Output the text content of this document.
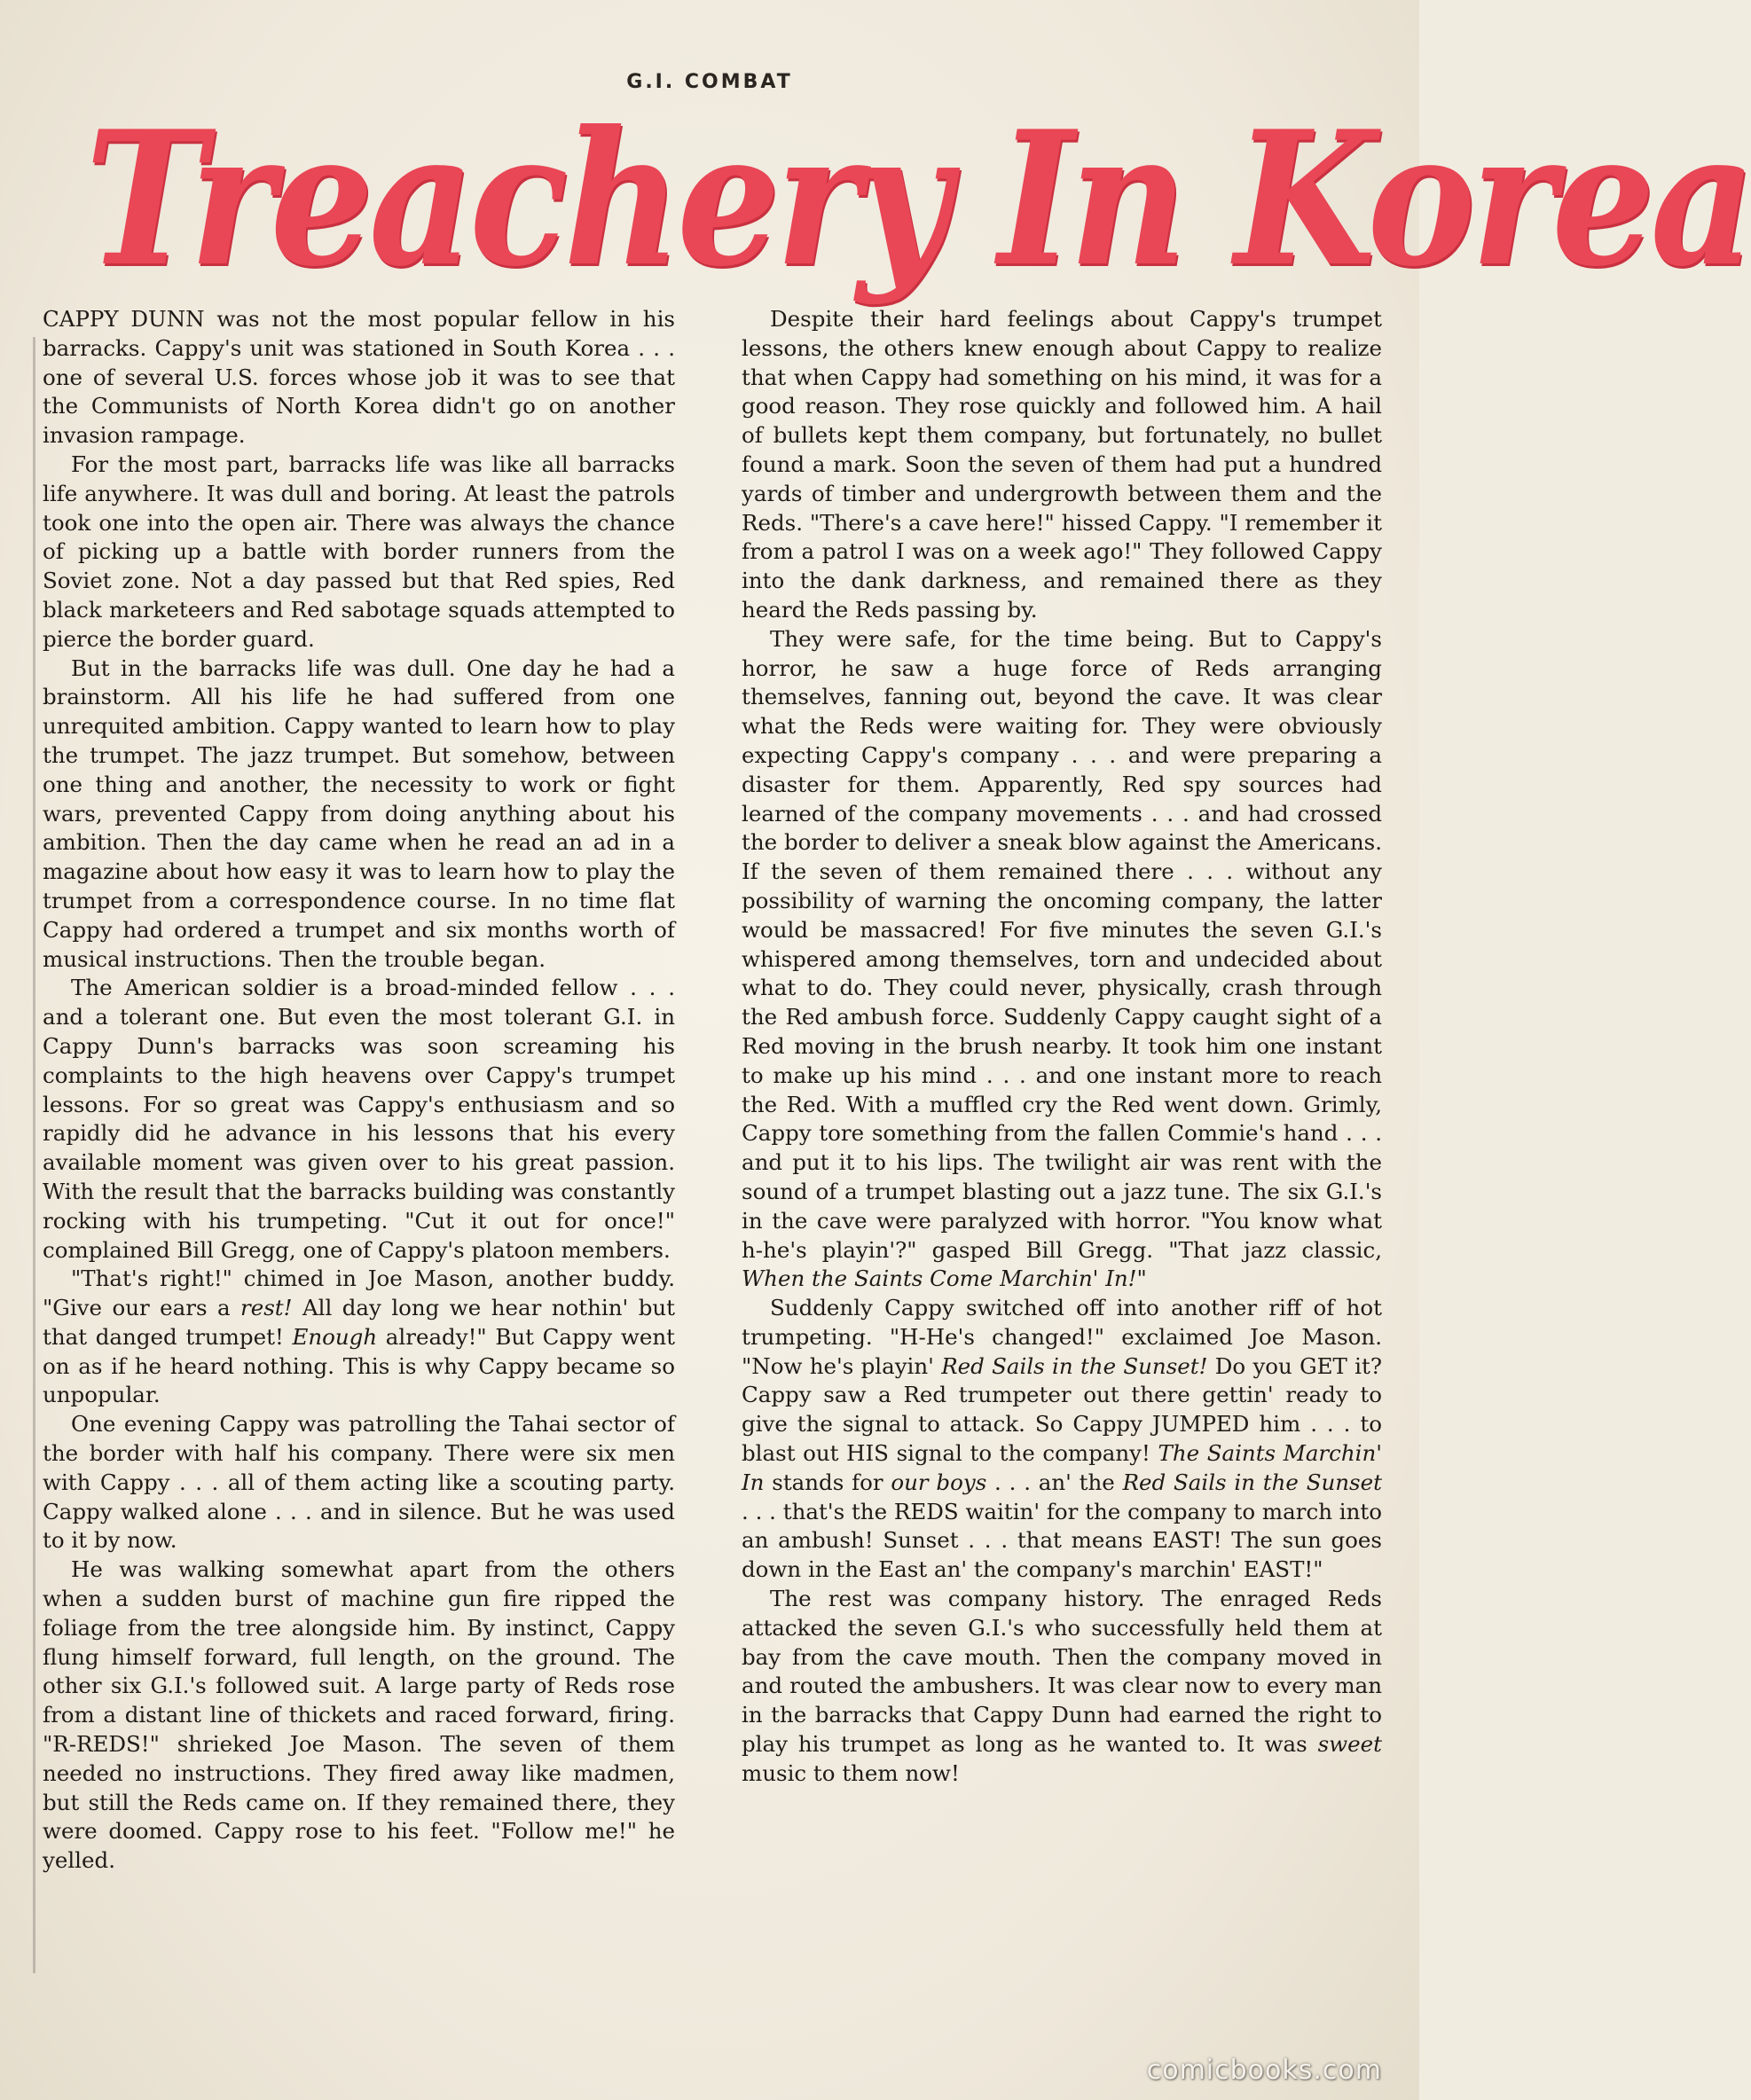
G.I. COMBAT
Treachery In Korea

CAPPY DUNN was not the most popular fellow in his barracks. Cappy's unit was stationed in South Korea . . . one of several U.S. forces whose job it was to see that the Communists of North Korea didn't go on another invasion rampage.

For the most part, barracks life was like all barracks life anywhere. It was dull and boring. At least the patrols took one into the open air. There was always the chance of picking up a battle with border runners from the Soviet zone. Not a day passed but that Red spies, Red black marketeers and Red sabotage squads attempted to pierce the border guard.

But in the barracks life was dull. One day he had a brainstorm. All his life he had suffered from one unrequited ambition. Cappy wanted to learn how to play the trumpet. The jazz trumpet. But somehow, between one thing and another, the necessity to work or fight wars, prevented Cappy from doing anything about his ambition. Then the day came when he read an ad in a magazine about how easy it was to learn how to play the trumpet from a correspondence course. In no time flat Cappy had ordered a trumpet and six months worth of musical instructions. Then the trouble began.

The American soldier is a broad-minded fellow . . . and a tolerant one. But even the most tolerant G.I. in Cappy Dunn's barracks was soon screaming his complaints to the high heavens over Cappy's trumpet lessons. For so great was Cappy's enthusiasm and so rapidly did he advance in his lessons that his every available moment was given over to his great passion. With the result that the barracks building was constantly rocking with his trumpeting. "Cut it out for once!" complained Bill Gregg, one of Cappy's platoon members.

"That's right!" chimed in Joe Mason, another buddy. "Give our ears a rest! All day long we hear nothin' but that danged trumpet! Enough already!" But Cappy went on as if he heard nothing. This is why Cappy became so unpopular.

One evening Cappy was patrolling the Tahai sector of the border with half his company. There were six men with Cappy . . . all of them acting like a scouting party. Cappy walked alone . . . and in silence. But he was used to it by now.

He was walking somewhat apart from the others when a sudden burst of machine gun fire ripped the foliage from the tree alongside him. By instinct, Cappy flung himself forward, full length, on the ground. The other six G.I.'s followed suit. A large party of Reds rose from a distant line of thickets and raced forward, firing. "R-REDS!" shrieked Joe Mason. The seven of them needed no instructions. They fired away like madmen, but still the Reds came on. If they remained there, they were doomed. Cappy rose to his feet. "Follow me!" he yelled.

Despite their hard feelings about Cappy's trumpet lessons, the others knew enough about Cappy to realize that when Cappy had something on his mind, it was for a good reason. They rose quickly and followed him. A hail of bullets kept them company, but fortunately, no bullet found a mark. Soon the seven of them had put a hundred yards of timber and undergrowth between them and the Reds. "There's a cave here!" hissed Cappy. "I remember it from a patrol I was on a week ago!" They followed Cappy into the dank darkness, and remained there as they heard the Reds passing by.

They were safe, for the time being. But to Cappy's horror, he saw a huge force of Reds arranging themselves, fanning out, beyond the cave. It was clear what the Reds were waiting for. They were obviously expecting Cappy's company . . . and were preparing a disaster for them. Apparently, Red spy sources had learned of the company movements . . . and had crossed the border to deliver a sneak blow against the Americans. If the seven of them remained there . . . without any possibility of warning the oncoming company, the latter would be massacred! For five minutes the seven G.I.'s whispered among themselves, torn and undecided about what to do. They could never, physically, crash through the Red ambush force. Suddenly Cappy caught sight of a Red moving in the brush nearby. It took him one instant to make up his mind . . . and one instant more to reach the Red. With a muffled cry the Red went down. Grimly, Cappy tore something from the fallen Commie's hand . . . and put it to his lips. The twilight air was rent with the sound of a trumpet blasting out a jazz tune. The six G.I.'s in the cave were paralyzed with horror. "You know what h-he's playin'?" gasped Bill Gregg. "That jazz classic, When the Saints Come Marchin' In!"

Suddenly Cappy switched off into another riff of hot trumpeting. "H-He's changed!" exclaimed Joe Mason. "Now he's playin' Red Sails in the Sunset! Do you GET it? Cappy saw a Red trumpeter out there gettin' ready to give the signal to attack. So Cappy JUMPED him . . . to blast out HIS signal to the company! The Saints Marchin' In stands for our boys . . . an' the Red Sails in the Sunset . . . that's the REDS waitin' for the company to march into an ambush! Sunset . . . that means EAST! The sun goes down in the East an' the company's marchin' EAST!"

The rest was company history. The enraged Reds attacked the seven G.I.'s who successfully held them at bay from the cave mouth. Then the company moved in and routed the ambushers. It was clear now to every man in the barracks that Cappy Dunn had earned the right to play his trumpet as long as he wanted to. It was sweet music to them now!

comicbooks.com
